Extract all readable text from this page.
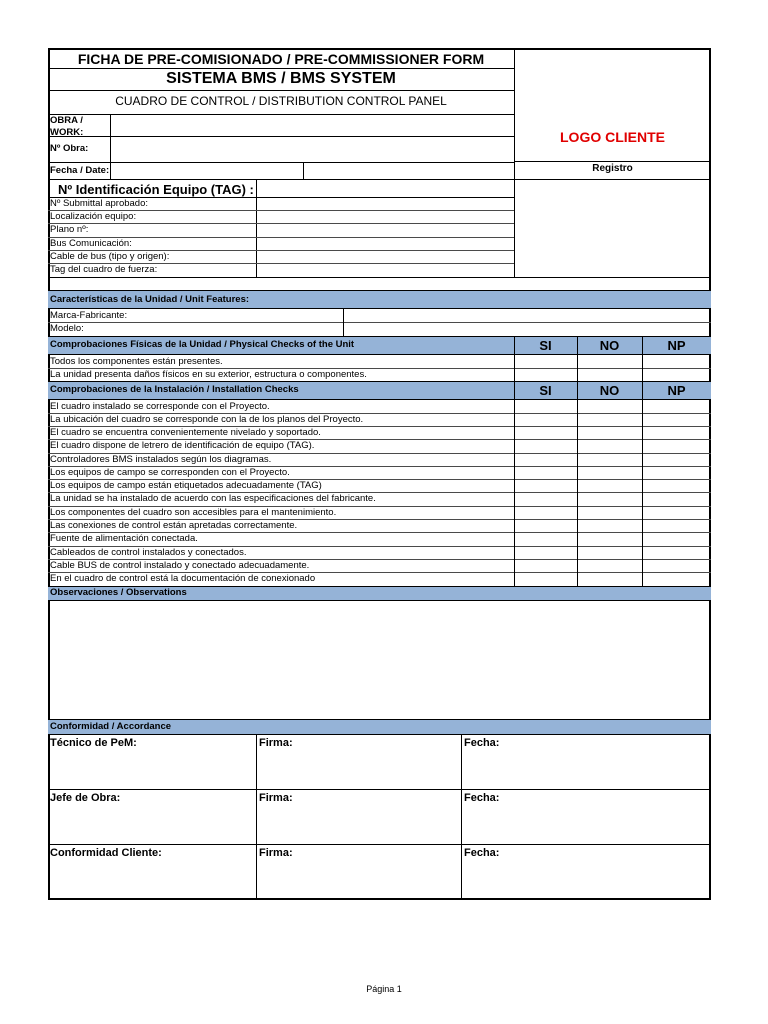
FICHA DE PRE-COMISIONADO / PRE-COMMISSIONER FORM
SISTEMA BMS / BMS SYSTEM
CUADRO DE CONTROL / DISTRIBUTION CONTROL PANEL
LOGO CLIENTE
Registro
OBRA /
WORK:
Nº Obra:
Fecha / Date:
Nº Identificación Equipo (TAG) :
Nº Submittal aprobado:
Localización equipo:
Plano nº:
Bus Comunicación:
Cable de bus (tipo y origen):
Tag del cuadro de fuerza:
Características de la Unidad / Unit Features:
Marca-Fabricante:
Modelo:
Comprobaciones Físicas de la Unidad / Physical Checks of the Unit	SI	NO	NP
Todos los componentes están presentes.
La unidad presenta daños físicos en su exterior, estructura o componentes.
Comprobaciones de la Instalación / Installation Checks	SI	NO	NP
El cuadro instalado se corresponde con el Proyecto.
La ubicación del cuadro se corresponde con la de los planos del Proyecto.
El cuadro se encuentra convenientemente nivelado y soportado.
El cuadro dispone de letrero de identificación de equipo (TAG).
Controladores BMS instalados según los diagramas.
Los equipos de campo se corresponden con el Proyecto.
Los equipos de campo están etiquetados adecuadamente (TAG)
La unidad se ha instalado de acuerdo con las especificaciones del fabricante.
Los componentes del cuadro son accesibles para el mantenimiento.
Las conexiones de control están apretadas correctamente.
Fuente de alimentación conectada.
Cableados de control instalados y conectados.
Cable BUS de control instalado y conectado adecuadamente.
En el cuadro de control está la documentación de conexionado
Observaciones / Observations
Conformidad / Accordance
Técnico de PeM:	Firma:	Fecha:
Jefe de Obra:	Firma:	Fecha:
Conformidad Cliente:	Firma:	Fecha:
Página 1
